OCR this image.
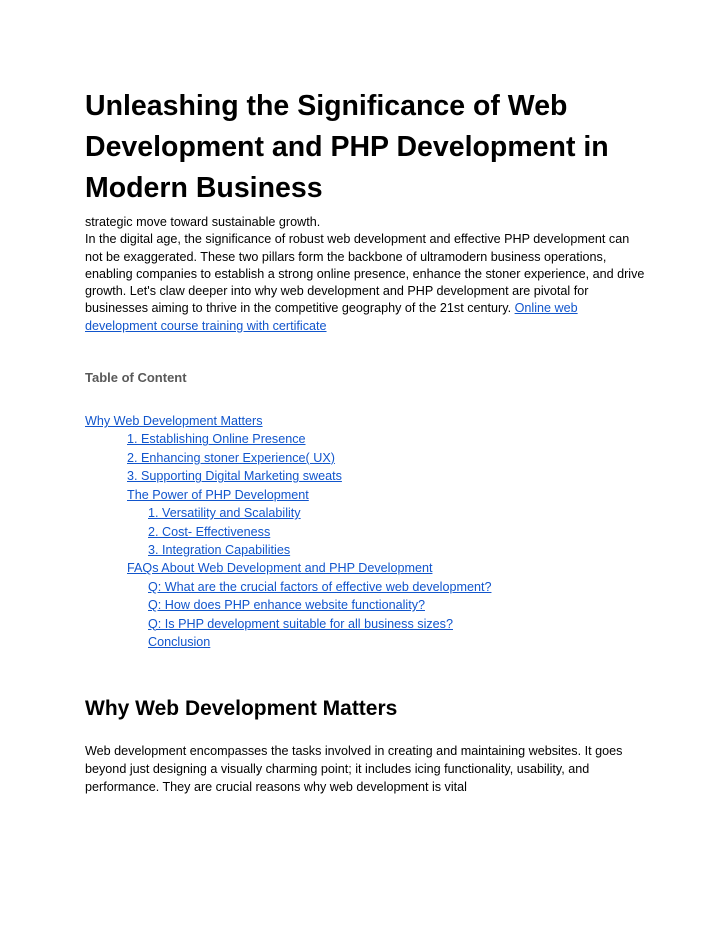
Unleashing the Significance of Web Development and PHP Development in Modern Business

strategic move toward sustainable growth.

In the digital age, the significance of robust web development and effective PHP development can not be exaggerated. These two pillars form the backbone of ultramodern business operations, enabling companies to establish a strong online presence, enhance the stoner experience, and drive growth. Let's claw deeper into why web development and PHP development are pivotal for businesses aiming to thrive in the competitive geography of the 21st century. Online web development course training with certificate

Table of Content
Why Web Development Matters
1. Establishing Online Presence
2. Enhancing stoner Experience( UX)
3. Supporting Digital Marketing sweats
The Power of PHP Development
1. Versatility and Scalability
2. Cost- Effectiveness
3. Integration Capabilities
FAQs About Web Development and PHP Development
Q: What are the crucial factors of effective web development?
Q: How does PHP enhance website functionality?
Q: Is PHP development suitable for all business sizes?
Conclusion
Why Web Development Matters
Web development encompasses the tasks involved in creating and maintaining websites. It goes beyond just designing a visually charming point; it includes icing functionality, usability, and performance. They are crucial reasons why web development is vital
